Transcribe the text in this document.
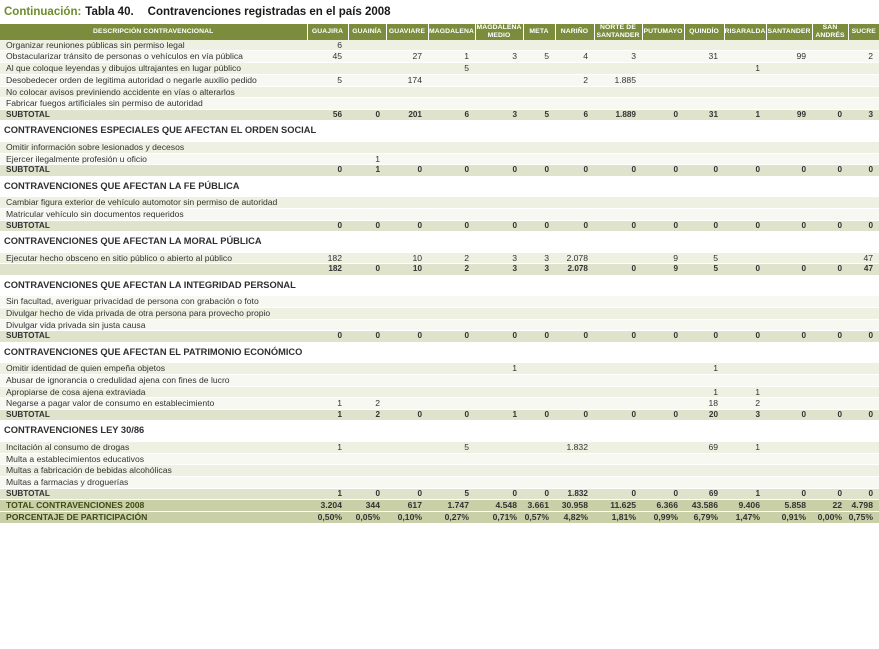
Continuación: Tabla 40. Contravenciones registradas en el país 2008
DESCRIPCIÓN CONTRAVENCIONAL	GUAJIRA	GUAINÍA	GUAVIARE	MAGDALENA	MAGDALENA MEDIO	META	NARIÑO	NORTE DE SANTANDER	PUTUMAYO	QUINDÍO	RISARALDA	SANTANDER	SAN ANDRÉS	SUCRE
Organizar reuniones públicas sin permiso legal	6													
Obstacularizar tránsito de personas o vehículos en vía pública	45		27	1	3	5	4	3		31		99		2
Al que coloque leyendas y dibujos ultrajantes en lugar público				5							1			
Desobedecer orden de legitima autoridad o negarle auxilio pedido	5		174				2	1.885						
No colocar avisos previniendo accidente en vías o alterarlos														
Fabricar fuegos artificiales sin permiso de autoridad														
SUBTOTAL	56	0	201	6	3	5	6	1.889	0	31	1	99	0	3
CONTRAVENCIONES ESPECIALES QUE AFECTAN EL ORDEN SOCIAL														
Omitir información sobre lesionados y decesos														
Ejercer ilegalmente profesión u oficio		1												
SUBTOTAL	0	1	0	0	0	0	0	0	0	0	0	0	0	0
CONTRAVENCIONES QUE AFECTAN LA FE PÚBLICA														
Cambiar figura exterior de vehículo automotor sin permiso de autoridad														
Matricular vehículo sin documentos requeridos														
SUBTOTAL	0	0	0	0	0	0	0	0	0	0	0	0	0	0
CONTRAVENCIONES QUE AFECTAN LA MORAL PÚBLICA														
Ejecutar hecho obsceno en sitio público o abierto al público	182		10	2	3	3	2.078		9	5				47
	182	0	10	2	3	3	2.078	0	9	5	0	0	0	47
CONTRAVENCIONES QUE AFECTAN LA INTEGRIDAD PERSONAL														
Sin facultad, averiguar privacidad de persona con grabación o foto														
Divulgar hecho de vida privada de otra persona para provecho propio														
Divulgar vida privada sin justa causa														
SUBTOTAL	0	0	0	0	0	0	0	0	0	0	0	0	0	0
CONTRAVENCIONES QUE AFECTAN EL PATRIMONIO ECONÓMICO														
Omitir identidad de quien empeña objetos					1					1				
Abusar de ignorancia o credulidad ajena con fines de lucro														
Apropiarse de cosa ajena extraviada										1	1			
Negarse a pagar valor de consumo en establecimiento	1	2								18	2			
SUBTOTAL	1	2	0	0	1	0	0	0	0	20	3	0	0	0
CONTRAVENCIONES LEY 30/86														
Incitación al consumo de drogas	1			5			1.832			69	1			
Multa a establecimientos educativos														
Multas a fabricación de bebidas alcohólicas														
Multas a farmacias y droguerías														
SUBTOTAL	1	0	0	5	0	0	1.832	0	0	69	1	0	0	0
TOTAL CONTRAVENCIONES 2008	3.204	344	617	1.747	4.548	3.661	30.958	11.625	6.366	43.586	9.406	5.858	22	4.798
PORCENTAJE DE PARTICIPACIÓN	0,50%	0,05%	0,10%	0,27%	0,71%	0,57%	4,82%	1,81%	0,99%	6,79%	1,47%	0,91%	0,00%	0,75%
